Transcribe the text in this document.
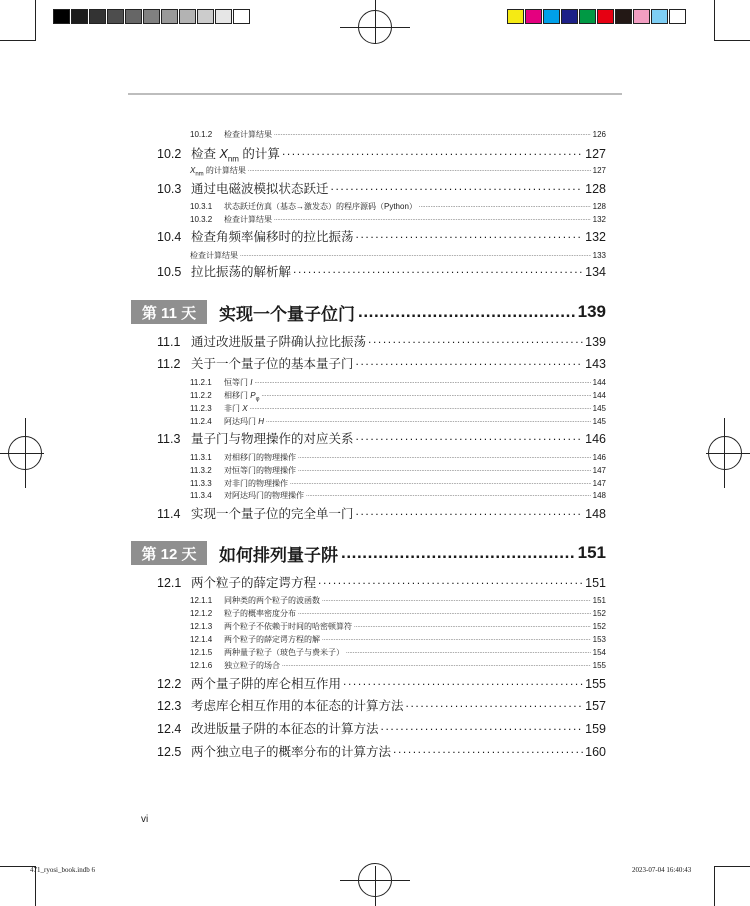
10.1.2	检查计算结果 .....	126
10.2 检查 $X_{nm}$ 的计算 .....	127
$X_{nm}$ 的计算结果 .....	127
10.3 通过电磁波模拟状态跃迁 .....	128
10.3.1	状态跃迁仿真（基态→激发态）的程序源码（Python） .....	128
10.3.2	检查计算结果 .....	132
10.4 检查角频率偏移时的拉比振荡 .....	132
检查计算结果 .....	133
10.5 拉比振荡的解析解 .....	134
第 11 天	实现一个量子位门 .....	139
11.1 通过改进版量子阱确认拉比振荡 .....	139
11.2 关于一个量子位的基本量子门 .....	143
11.2.1	恒等门 I .....	144
11.2.2	相移门 $P_\varphi$ .....	144
11.2.3	非门 X .....	145
11.2.4	阿达玛门 H .....	145
11.3 量子门与物理操作的对应关系 .....	146
11.3.1	对相移门的物理操作 .....	146
11.3.2	对恒等门的物理操作 .....	147
11.3.3	对非门的物理操作 .....	147
11.3.4	对阿达玛门的物理操作 .....	148
11.4 实现一个量子位的完全单一门 .....	148
第 12 天	如何排列量子阱 .....	151
12.1 两个粒子的薛定谔方程 .....	151
12.1.1	同种类的两个粒子的波函数 .....	151
12.1.2	粒子的概率密度分布 .....	152
12.1.3	两个粒子不依赖于时间的哈密顿算符 .....	152
12.1.4	两个粒子的薛定谔方程的解 .....	153
12.1.5	两种量子粒子（玻色子与费米子） .....	154
12.1.6	独立粒子的场合 .....	155
12.2 两个量子阱的库仑相互作用 .....	155
12.3 考虑库仑相互作用的本征态的计算方法 .....	157
12.4 改进版量子阱的本征态的计算方法 .....	159
12.5 两个独立电子的概率分布的计算方法 .....	160
vi
471_ryosi_book.indb 6	2023-07-04 16:40:43
